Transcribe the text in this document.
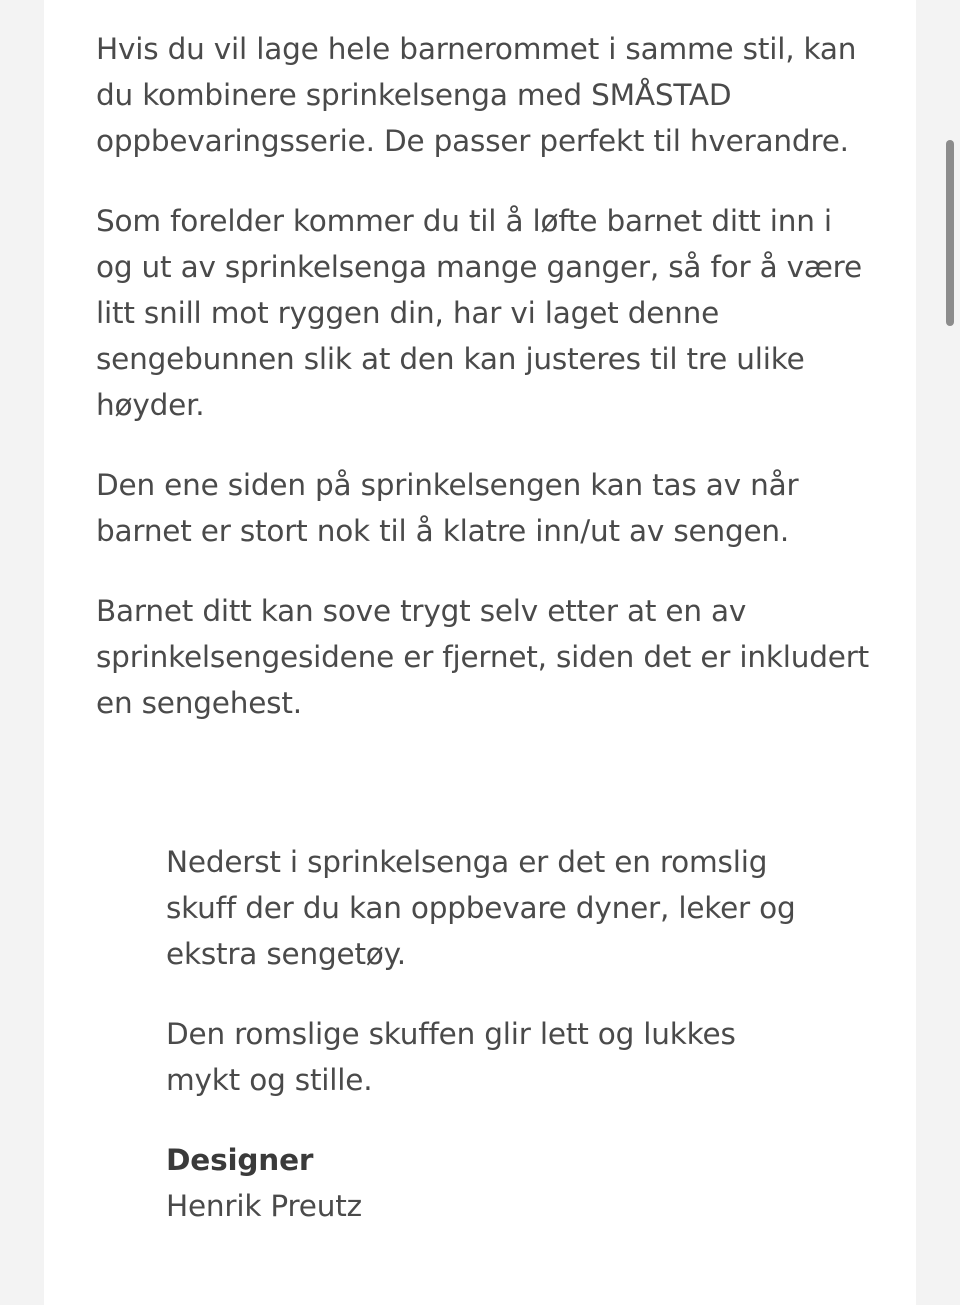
Hvis du vil lage hele barnerommet i samme stil, kan du kombinere sprinkelsenga med SMÅSTAD oppbevaringsserie. De passer perfekt til hverandre.

Som forelder kommer du til å løfte barnet ditt inn i og ut av sprinkelsenga mange ganger, så for å være litt snill mot ryggen din, har vi laget denne sengebunnen slik at den kan justeres til tre ulike høyder.

Den ene siden på sprinkelsengen kan tas av når barnet er stort nok til å klatre inn/ut av sengen.

Barnet ditt kan sove trygt selv etter at en av sprinkelsengesidene er fjernet, siden det er inkludert en sengehest.

Nederst i sprinkelsenga er det en romslig skuff der du kan oppbevare dyner, leker og ekstra sengetøy.

Den romslige skuffen glir lett og lukkes mykt og stille.

Designer
Henrik Preutz
